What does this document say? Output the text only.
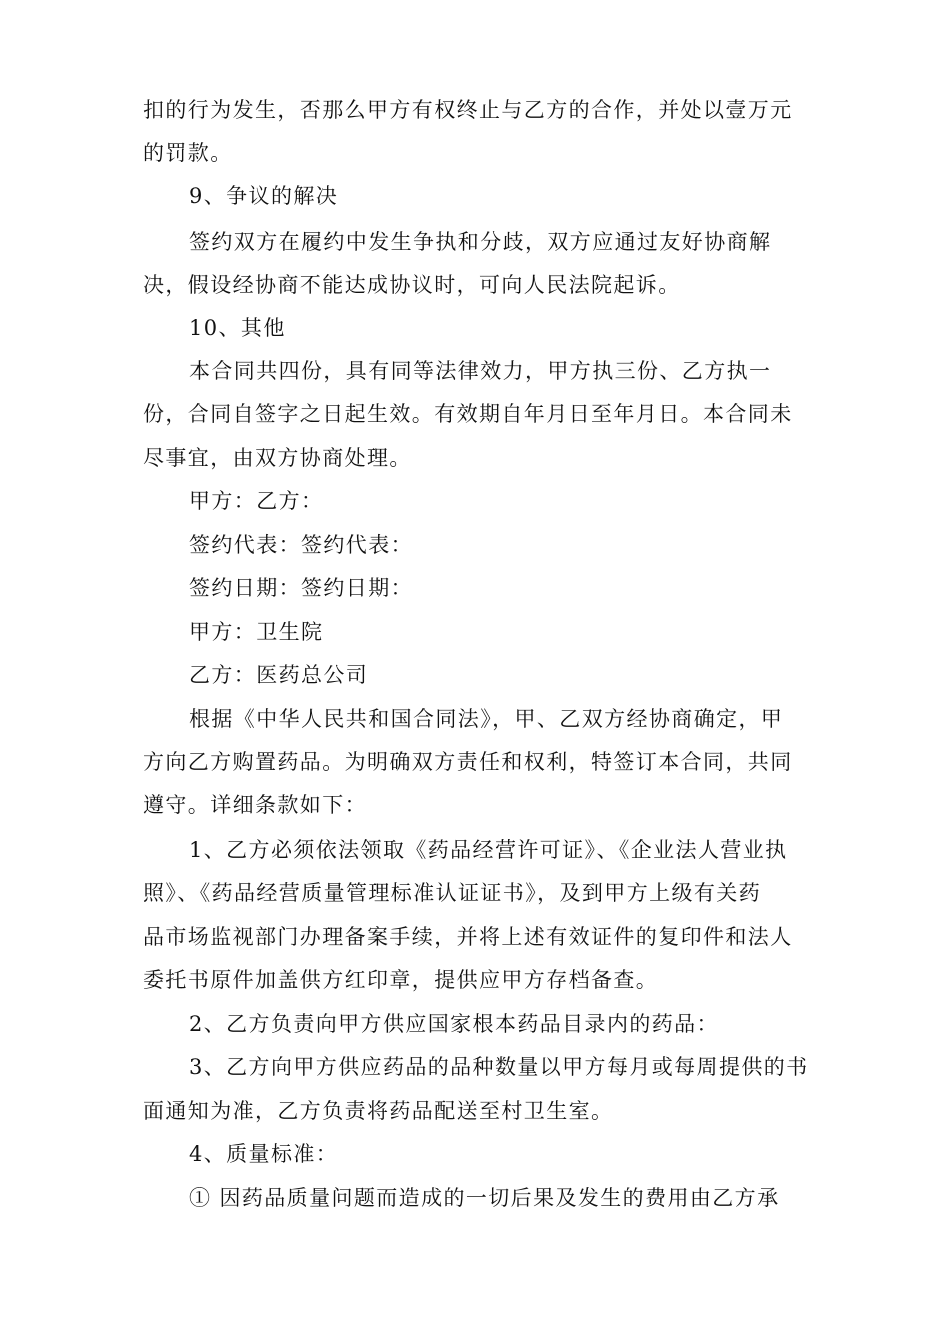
扣的行为发生，否那么甲方有权终止与乙方的合作，并处以壹万元
的罚款。
9、争议的解决
签约双方在履约中发生争执和分歧，双方应通过友好协商解
决，假设经协商不能达成协议时，可向人民法院起诉。
10、其他
本合同共四份，具有同等法律效力，甲方执三份、乙方执一
份，合同自签字之日起生效。有效期自年月日至年月日。本合同未
尽事宜，由双方协商处理。
甲方：乙方：
签约代表：签约代表：
签约日期：签约日期：
甲方：卫生院
乙方：医药总公司
根据《中华人民共和国合同法》，甲、乙双方经协商确定，甲
方向乙方购置药品。为明确双方责任和权利，特签订本合同，共同
遵守。详细条款如下：
1、乙方必须依法领取《药品经营许可证》、《企业法人营业执
照》、《药品经营质量管理标准认证证书》，及到甲方上级有关药
品市场监视部门办理备案手续，并将上述有效证件的复印件和法人
委托书原件加盖供方红印章，提供应甲方存档备查。
2、乙方负责向甲方供应国家根本药品目录内的药品：
3、乙方向甲方供应药品的品种数量以甲方每月或每周提供的书
面通知为准，乙方负责将药品配送至村卫生室。
4、质量标准：
① 因药品质量问题而造成的一切后果及发生的费用由乙方承
